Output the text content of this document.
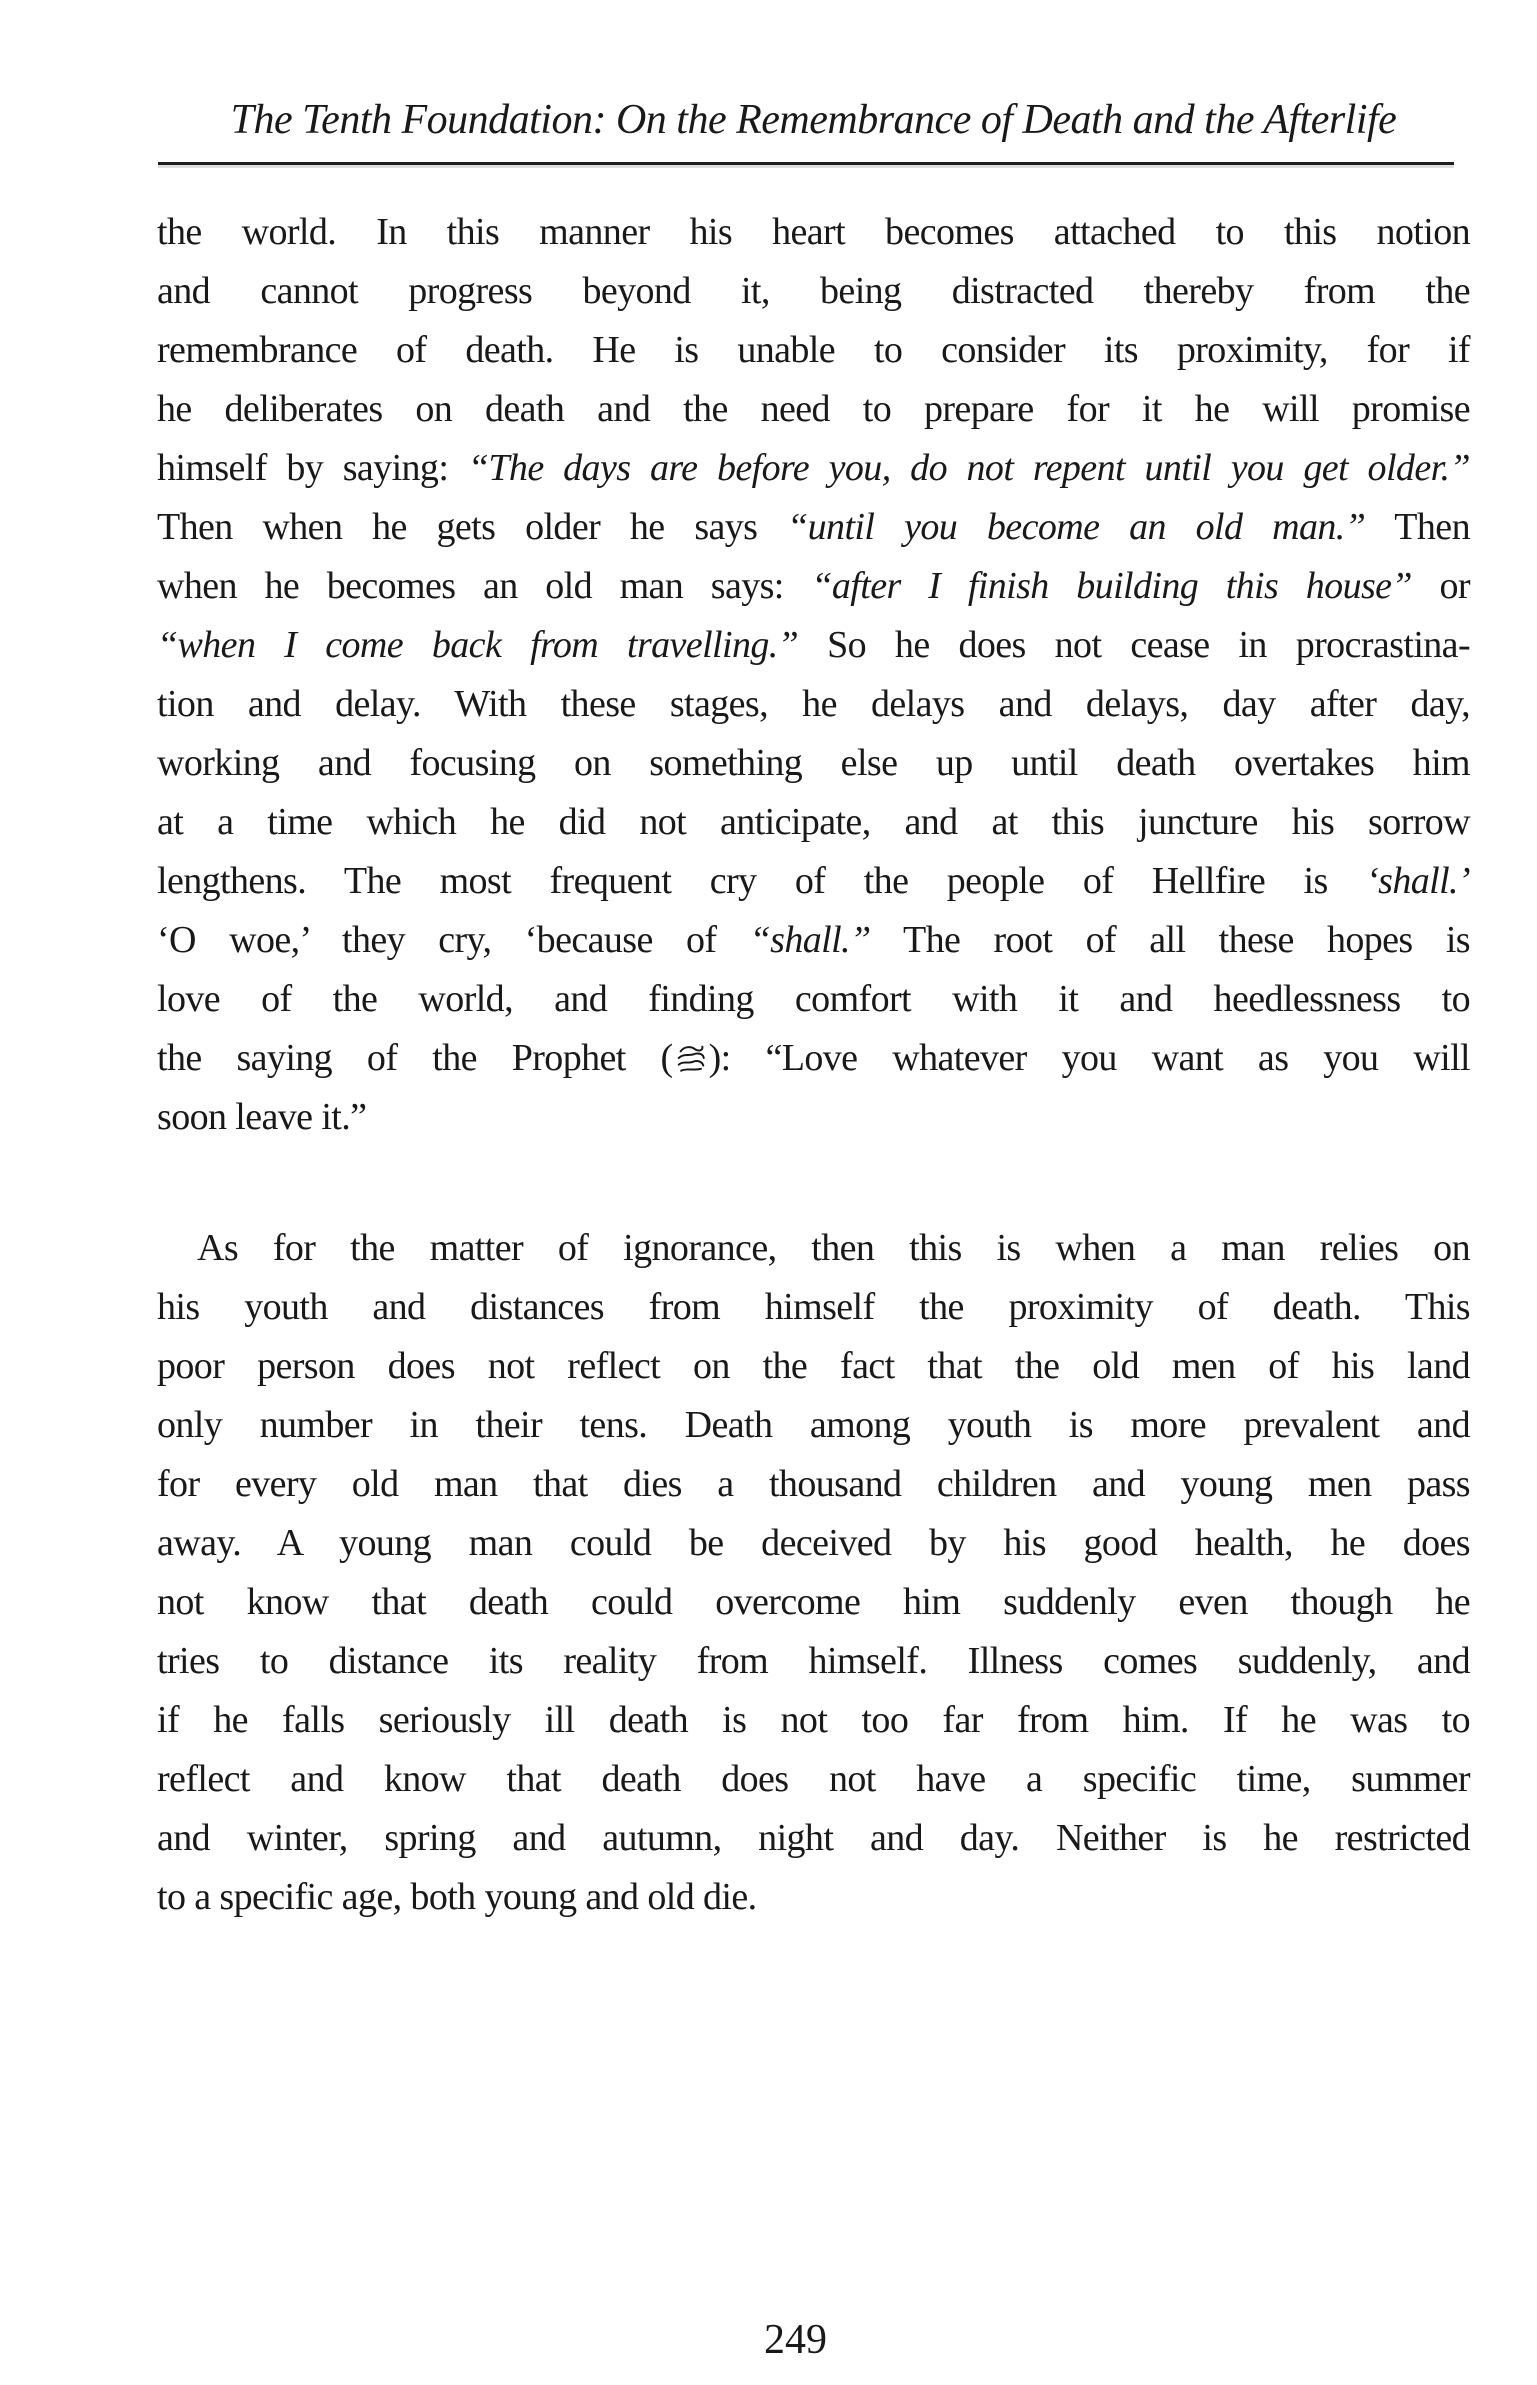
The Tenth Foundation: On the Remembrance of Death and the Afterlife
the world. In this manner his heart becomes attached to this notion
and cannot progress beyond it, being distracted thereby from the
remembrance of death. He is unable to consider its proximity, for if
he deliberates on death and the need to prepare for it he will promise
himself by saying: “The days are before you, do not repent until you get older.”
Then when he gets older he says “until you become an old man.” Then
when he becomes an old man says: “after I finish building this house” or
“when I come back from travelling.” So he does not cease in procrastina-
tion and delay. With these stages, he delays and delays, day after day,
working and focusing on something else up until death overtakes him
at a time which he did not anticipate, and at this juncture his sorrow
lengthens. The most frequent cry of the people of Hellfire is ‘shall.’
‘O woe,’ they cry, ‘because of “shall.” The root of all these hopes is
love of the world, and finding comfort with it and heedlessness to
the saying of the Prophet ( ): “Love whatever you want as you will
soon leave it.”
As for the matter of ignorance, then this is when a man relies on
his youth and distances from himself the proximity of death. This
poor person does not reflect on the fact that the old men of his land
only number in their tens. Death among youth is more prevalent and
for every old man that dies a thousand children and young men pass
away. A young man could be deceived by his good health, he does
not know that death could overcome him suddenly even though he
tries to distance its reality from himself. Illness comes suddenly, and
if he falls seriously ill death is not too far from him. If he was to
reflect and know that death does not have a specific time, summer
and winter, spring and autumn, night and day. Neither is he restricted
to a specific age, both young and old die.
249
